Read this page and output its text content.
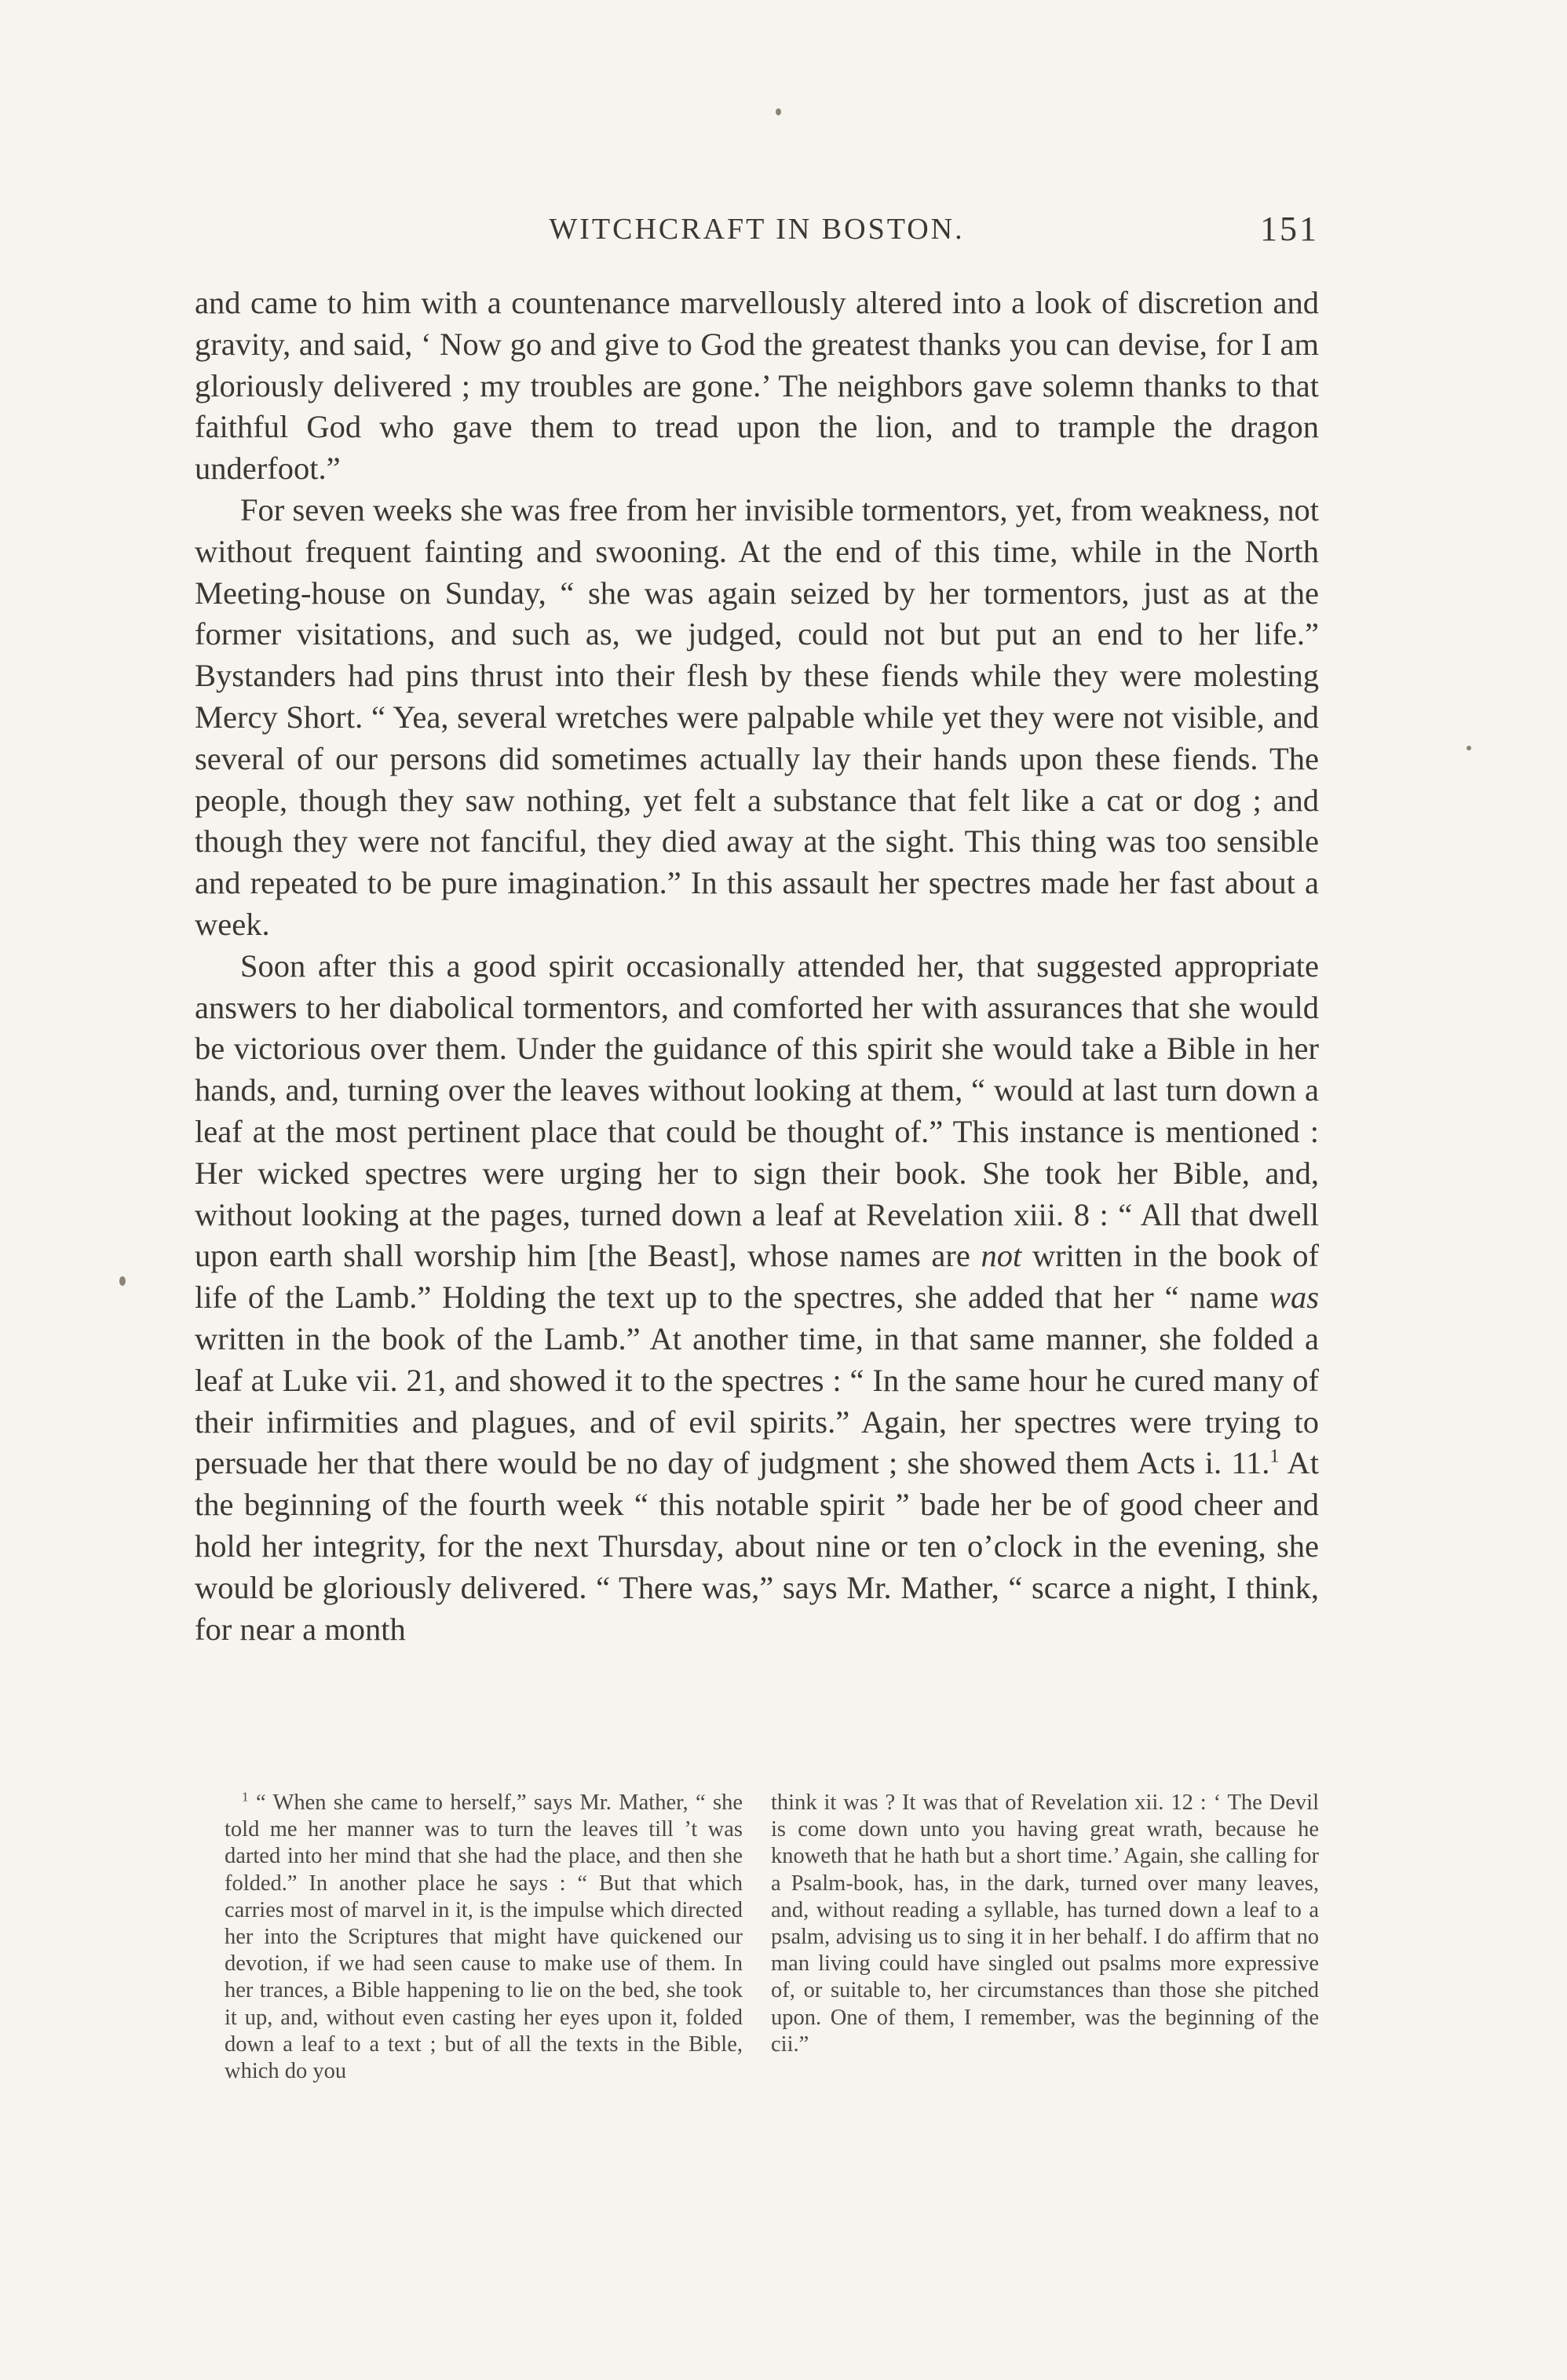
WITCHCRAFT IN BOSTON.	151

and came to him with a countenance marvellously altered into a look of discretion and gravity, and said, ‘ Now go and give to God the greatest thanks you can devise, for I am gloriously delivered ; my troubles are gone.’ The neighbors gave solemn thanks to that faithful God who gave them to tread upon the lion, and to trample the dragon underfoot.”

For seven weeks she was free from her invisible tormentors, yet, from weakness, not without frequent fainting and swooning. At the end of this time, while in the North Meeting-house on Sunday, “ she was again seized by her tormentors, just as at the former visitations, and such as, we judged, could not but put an end to her life.” Bystanders had pins thrust into their flesh by these fiends while they were molesting Mercy Short. “ Yea, several wretches were palpable while yet they were not visible, and several of our persons did sometimes actually lay their hands upon these fiends. The people, though they saw nothing, yet felt a substance that felt like a cat or dog ; and though they were not fanciful, they died away at the sight. This thing was too sensible and repeated to be pure imagination.” In this assault her spectres made her fast about a week.

Soon after this a good spirit occasionally attended her, that suggested appropriate answers to her diabolical tormentors, and comforted her with assurances that she would be victorious over them. Under the guidance of this spirit she would take a Bible in her hands, and, turning over the leaves without looking at them, “ would at last turn down a leaf at the most pertinent place that could be thought of.” This instance is mentioned : Her wicked spectres were urging her to sign their book. She took her Bible, and, without looking at the pages, turned down a leaf at Revelation xiii. 8 : “ All that dwell upon earth shall worship him [the Beast], whose names are not written in the book of life of the Lamb.” Holding the text up to the spectres, she added that her “ name was written in the book of the Lamb.” At another time, in that same manner, she folded a leaf at Luke vii. 21, and showed it to the spectres : “ In the same hour he cured many of their infirmities and plagues, and of evil spirits.” Again, her spectres were trying to persuade her that there would be no day of judgment ; she showed them Acts i. 11.$^1$ At the beginning of the fourth week “ this notable spirit ” bade her be of good cheer and hold her integrity, for the next Thursday, about nine or ten o’clock in the evening, she would be gloriously delivered. “ There was,” says Mr. Mather, “ scarce a night, I think, for near a month

$^1$ “ When she came to herself,” says Mr. Mather, “ she told me her manner was to turn the leaves till ’t was darted into her mind that she had the place, and then she folded.” In another place he says : “ But that which carries most of marvel in it, is the impulse which directed her into the Scriptures that might have quickened our devotion, if we had seen cause to make use of them. In her trances, a Bible happening to lie on the bed, she took it up, and, without even casting her eyes upon it, folded down a leaf to a text ; but of all the texts in the Bible, which do you

think it was ? It was that of Revelation xii. 12 : ‘ The Devil is come down unto you having great wrath, because he knoweth that he hath but a short time.’ Again, she calling for a Psalm-book, has, in the dark, turned over many leaves, and, without reading a syllable, has turned down a leaf to a psalm, advising us to sing it in her behalf. I do affirm that no man living could have singled out psalms more expressive of, or suitable to, her circumstances than those she pitched upon. One of them, I remember, was the beginning of the cii.”
